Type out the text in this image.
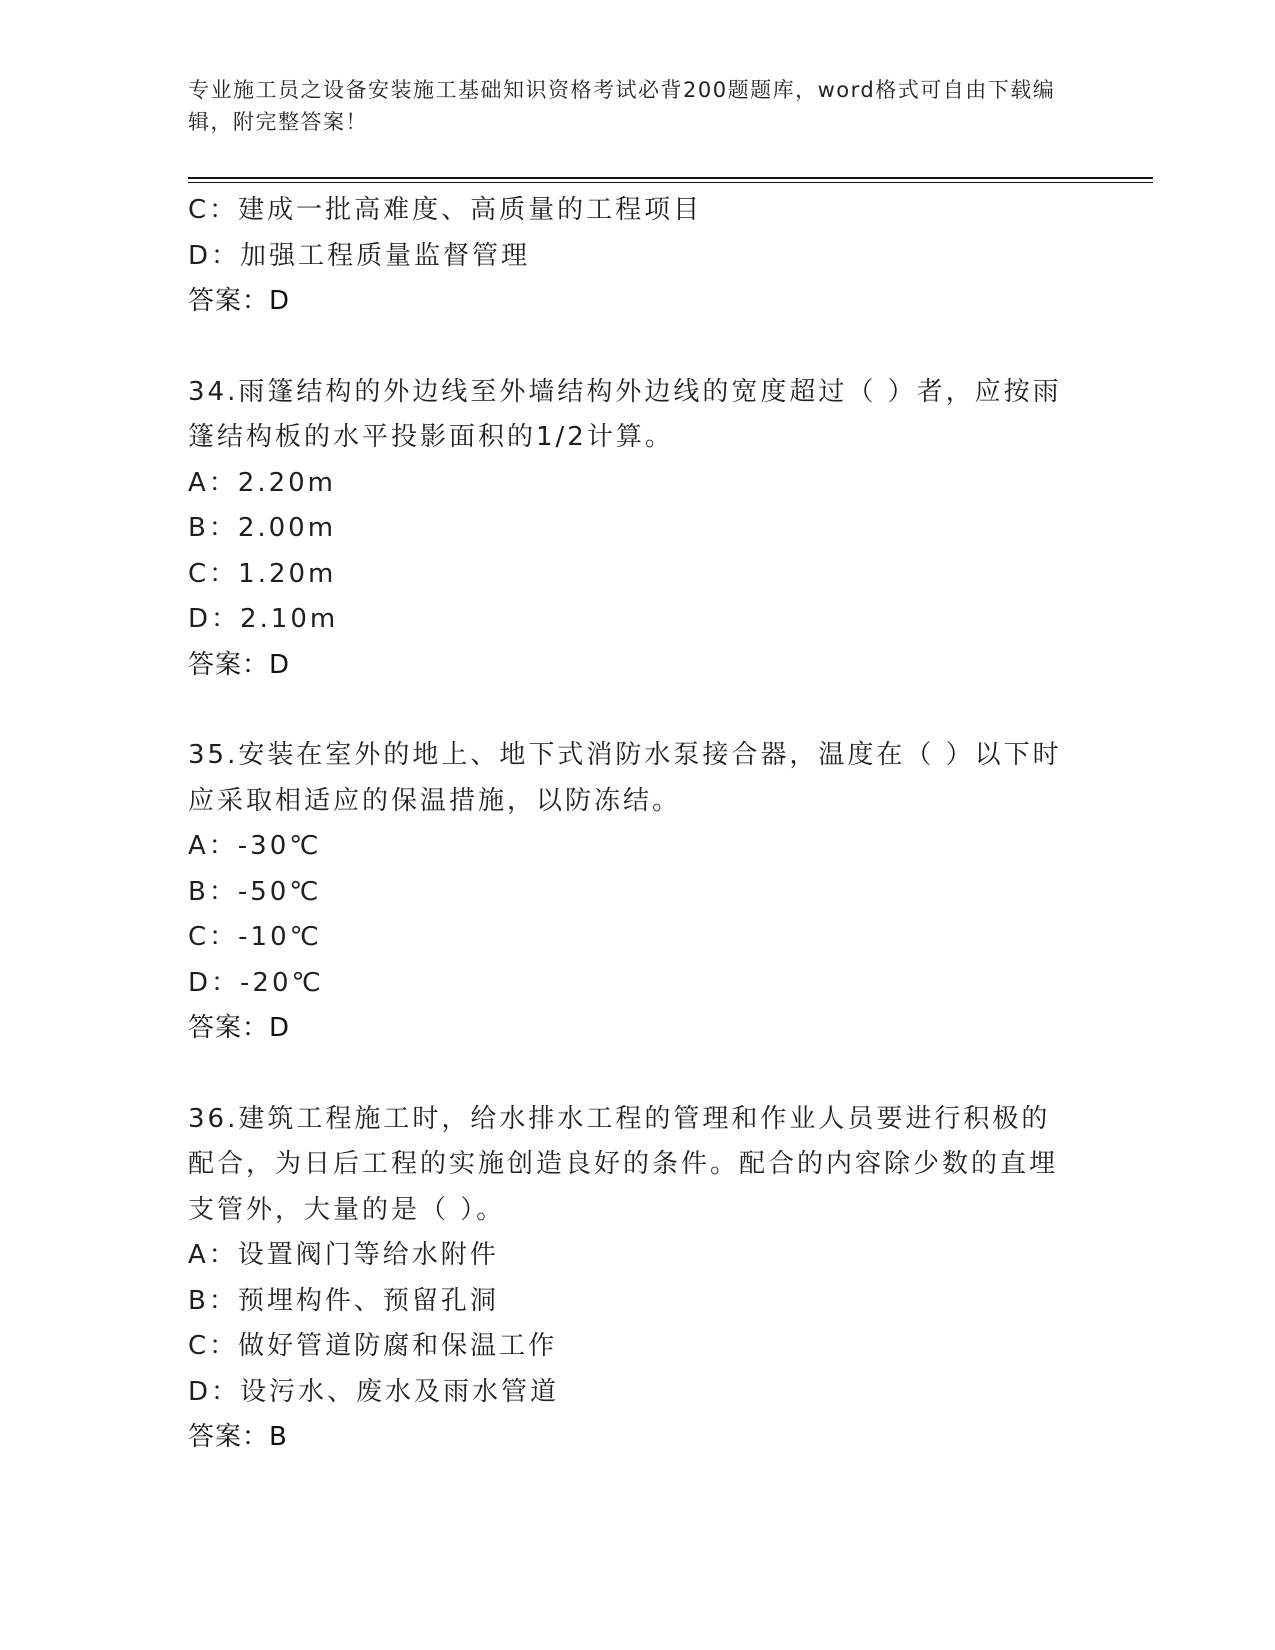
专业施工员之设备安装施工基础知识资格考试必背200题题库，word格式可自由下载编辑，附完整答案！
C：建成一批高难度、高质量的工程项目
D：加强工程质量监督管理
答案：D
34.雨篷结构的外边线至外墙结构外边线的宽度超过（ ）者，应按雨篷结构板的水平投影面积的1/2计算。
A：2.20m
B：2.00m
C：1.20m
D：2.10m
答案：D
35.安装在室外的地上、地下式消防水泵接合器，温度在（ ）以下时应采取相适应的保温措施，以防冻结。
A：-30℃
B：-50℃
C：-10℃
D：-20℃
答案：D
36.建筑工程施工时，给水排水工程的管理和作业人员要进行积极的配合，为日后工程的实施创造良好的条件。配合的内容除少数的直埋支管外，大量的是（ ）。
A：设置阀门等给水附件
B：预埋构件、预留孔洞
C：做好管道防腐和保温工作
D：设污水、废水及雨水管道
答案：B
